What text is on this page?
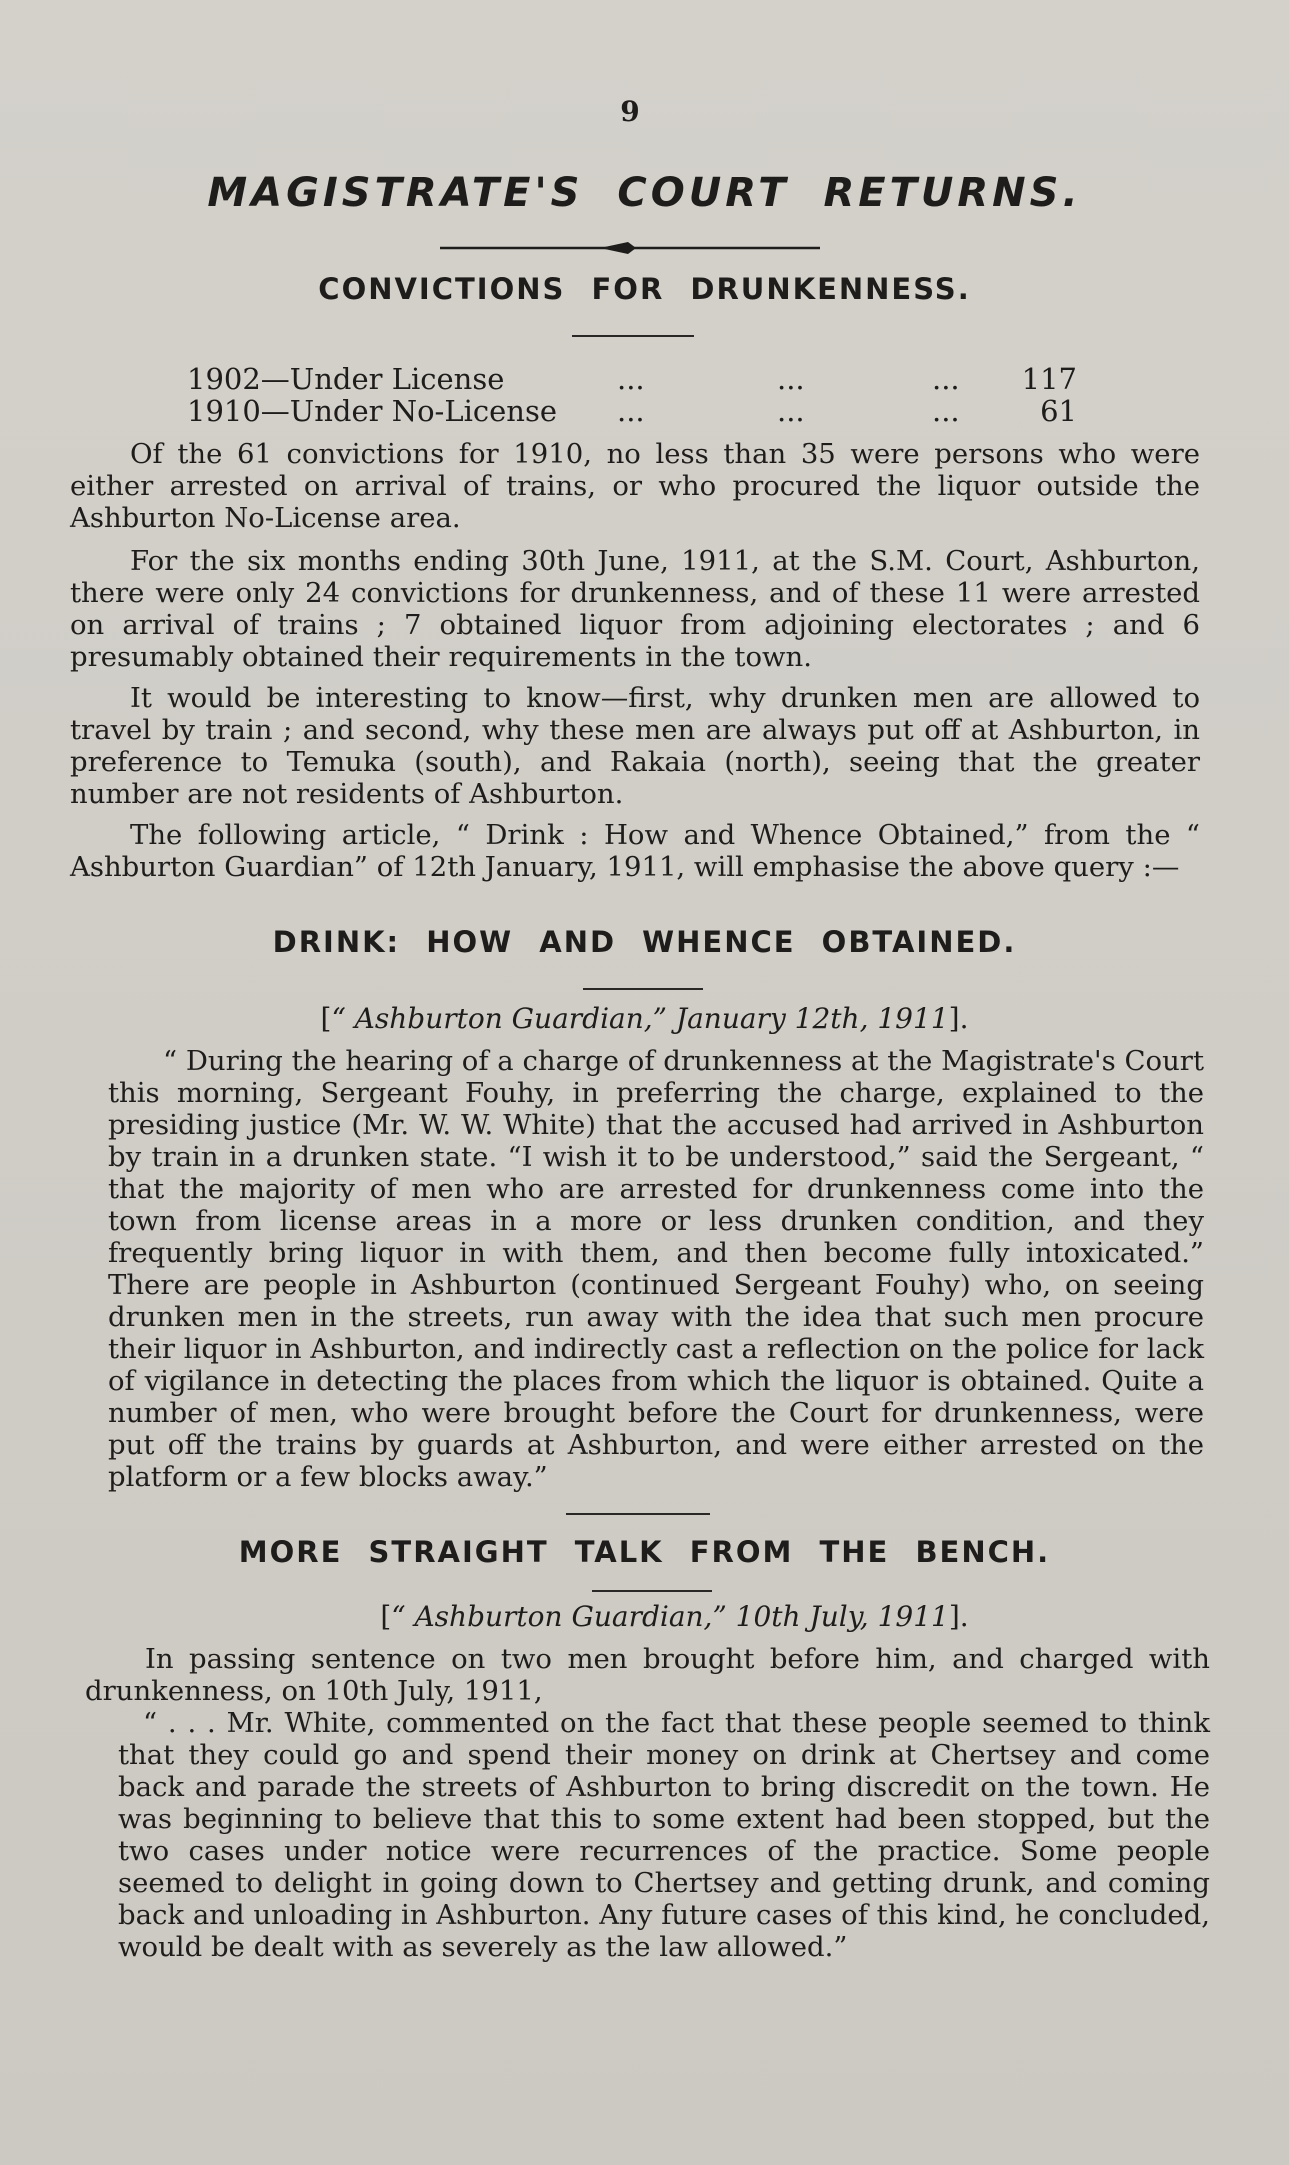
9
MAGISTRATE'S COURT RETURNS.
CONVICTIONS FOR DRUNKENNESS.
1902—Under License	...	...	...	117
1910—Under No-License ...	...	...	61

Of the 61 convictions for 1910, no less than 35 were persons who were either arrested on arrival of trains, or who procured the liquor outside the Ashburton No-License area.

For the six months ending 30th June, 1911, at the S.M. Court, Ashburton, there were only 24 convictions for drunkenness, and of these 11 were arrested on arrival of trains ; 7 obtained liquor from adjoining electorates ; and 6 presumably obtained their requirements in the town.

It would be interesting to know—first, why drunken men are allowed to travel by train ; and second, why these men are always put off at Ashburton, in preference to Temuka (south), and Rakaia (north), seeing that the greater number are not residents of Ashburton.

The following article, “ Drink : How and Whence Obtained,” from the “ Ashburton Guardian” of 12th January, 1911, will emphasise the above query :—

DRINK: HOW AND WHENCE OBTAINED.
[“ Ashburton Guardian,” January 12th, 1911].

“ During the hearing of a charge of drunkenness at the Magistrate's Court this morning, Sergeant Fouhy, in preferring the charge, explained to the presiding justice (Mr. W. W. White) that the accused had arrived in Ashburton by train in a drunken state. “I wish it to be understood,” said the Sergeant, “ that the majority of men who are arrested for drunkenness come into the town from license areas in a more or less drunken condition, and they frequently bring liquor in with them, and then become fully intoxicated.” There are people in Ashburton (continued Sergeant Fouhy) who, on seeing drunken men in the streets, run away with the idea that such men procure their liquor in Ashburton, and indirectly cast a reflection on the police for lack of vigilance in detecting the places from which the liquor is obtained. Quite a number of men, who were brought before the Court for drunkenness, were put off the trains by guards at Ashburton, and were either arrested on the platform or a few blocks away.”

MORE STRAIGHT TALK FROM THE BENCH.
[“ Ashburton Guardian,” 10th July, 1911].

In passing sentence on two men brought before him, and charged with drunkenness, on 10th July, 1911,

“ . . . Mr. White, commented on the fact that these people seemed to think that they could go and spend their money on drink at Chertsey and come back and parade the streets of Ashburton to bring discredit on the town. He was beginning to believe that this to some extent had been stopped, but the two cases under notice were recurrences of the practice. Some people seemed to delight in going down to Chertsey and getting drunk, and coming back and unloading in Ashburton. Any future cases of this kind, he concluded, would be dealt with as severely as the law allowed.”
